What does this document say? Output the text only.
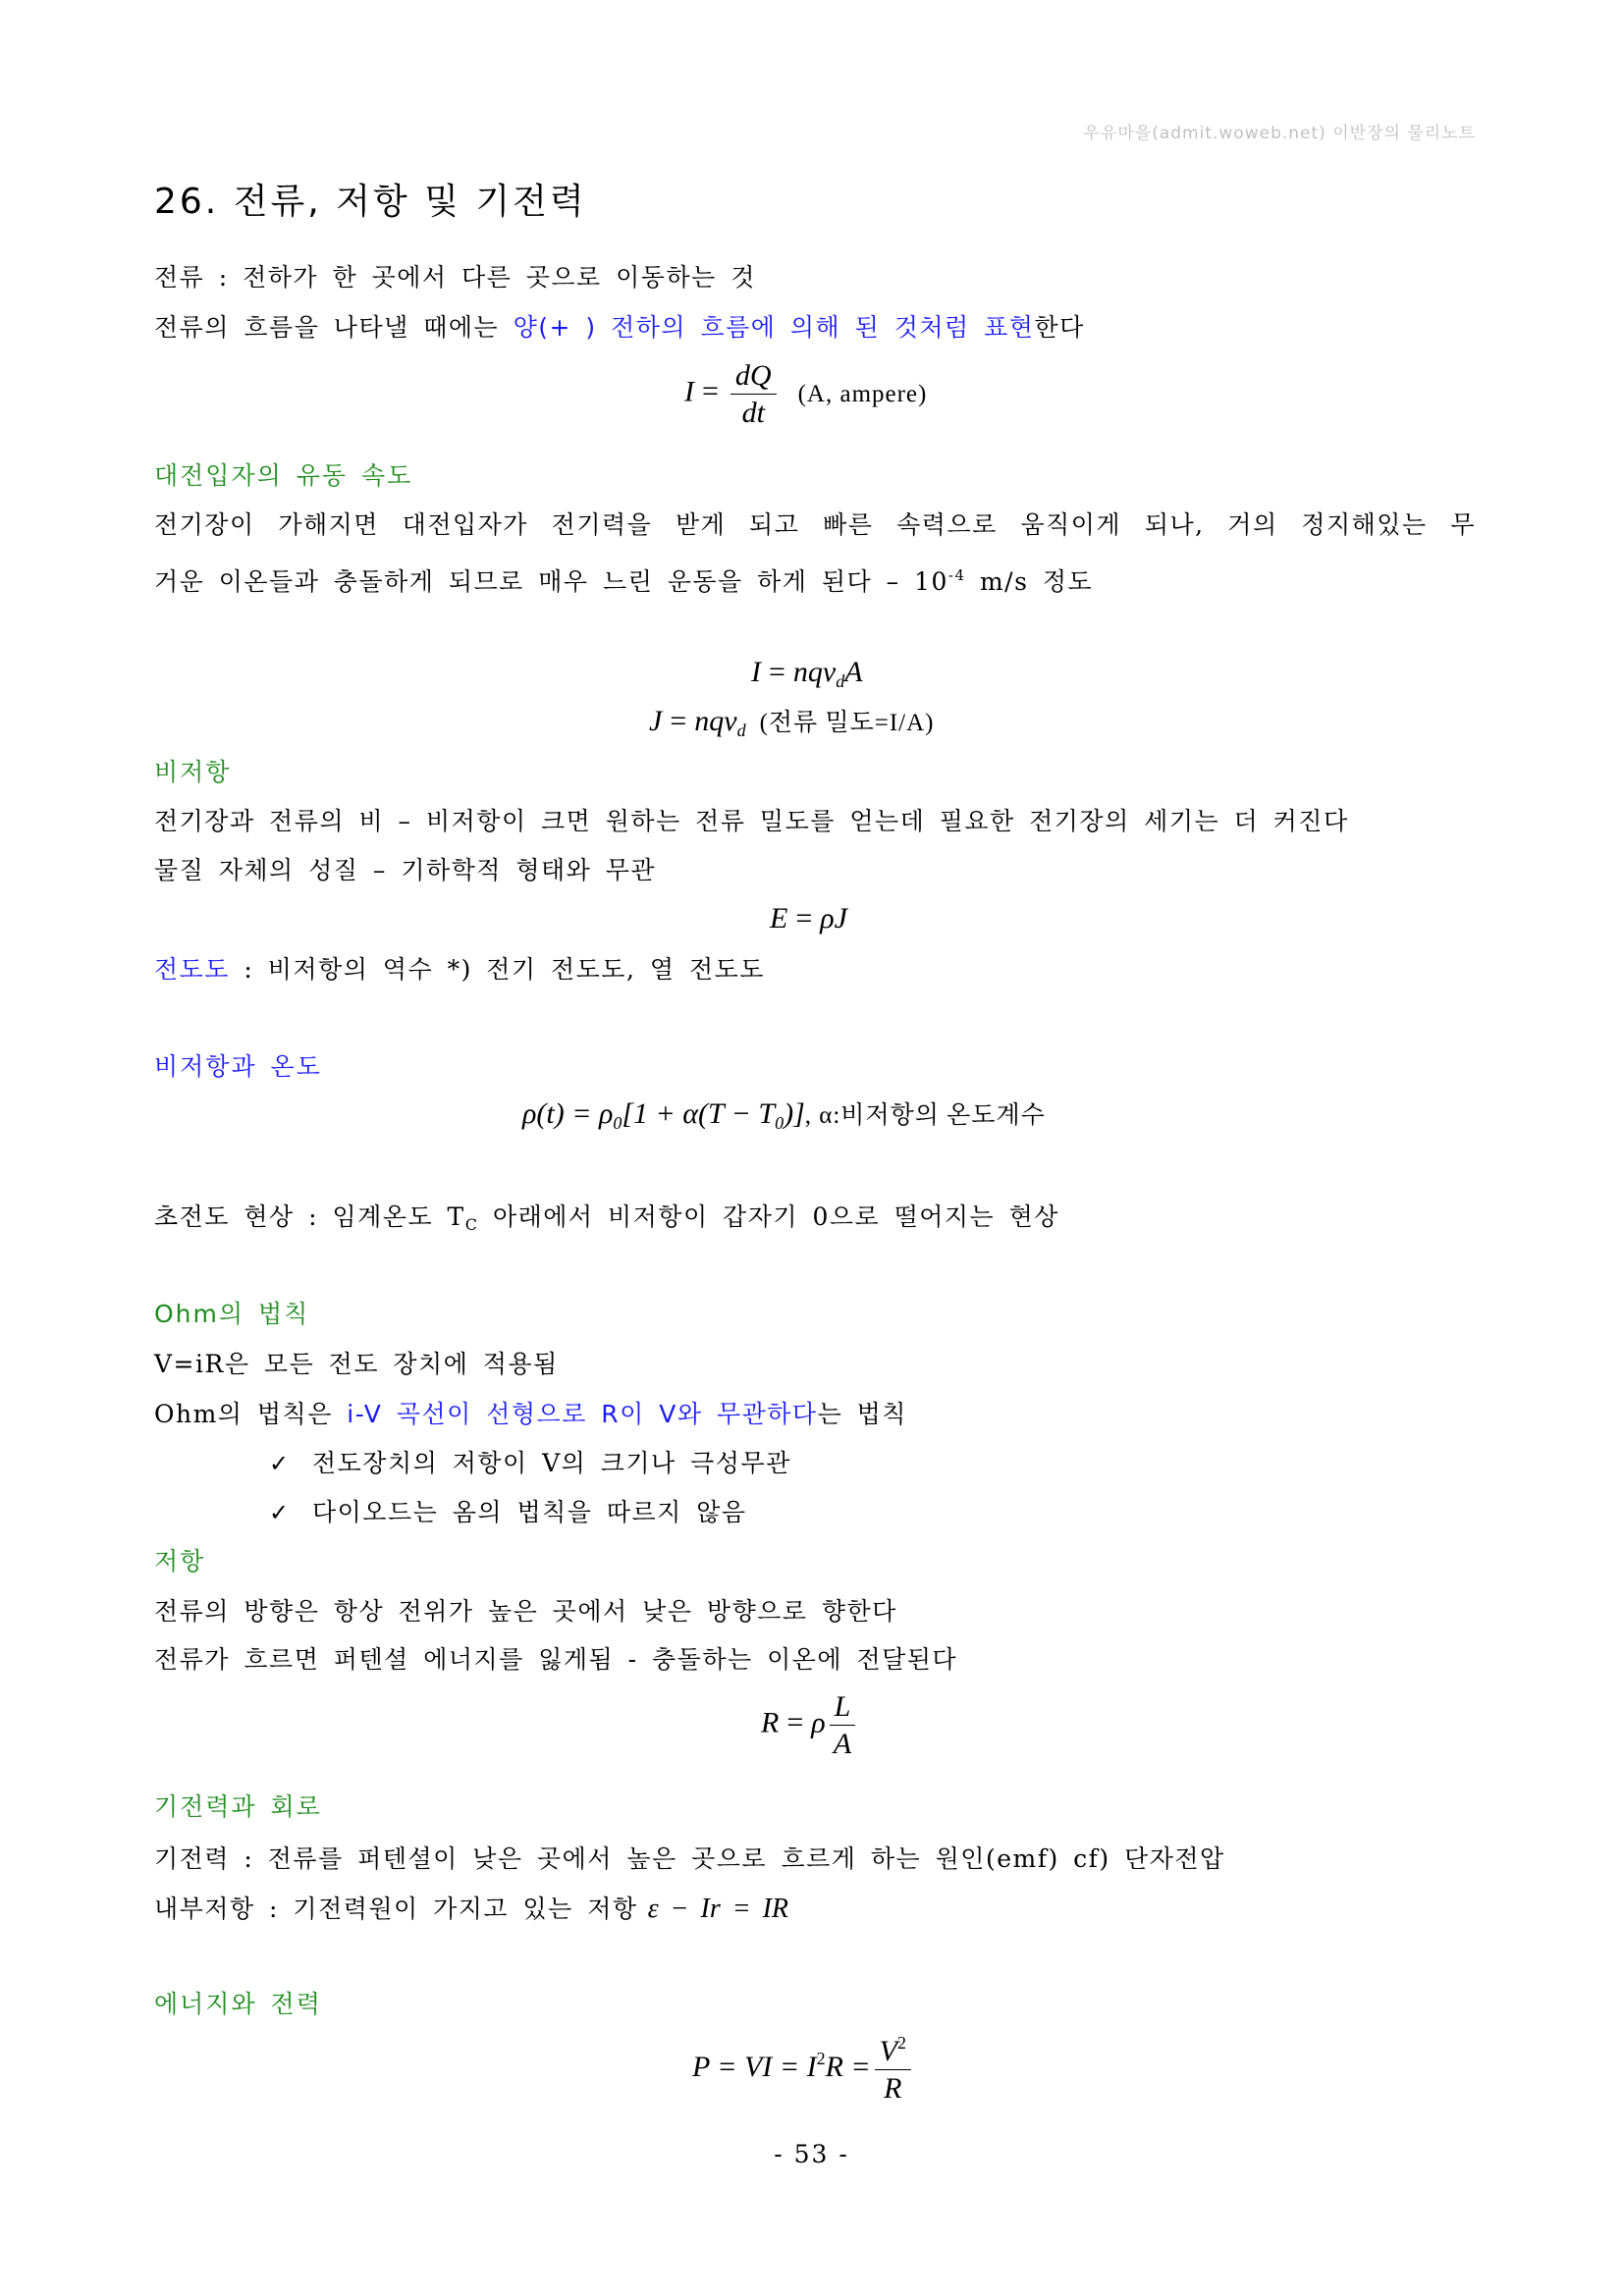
우유마을(admit.woweb.net) 이반장의 물리노트
26. 전류, 저항 및 기전력
전류 : 전하가 한 곳에서 다른 곳으로 이동하는 것
전류의 흐름을 나타낼 때에는 양(+ ) 전하의 흐름에 의해 된 것처럼 표현한다
$I = \frac{dQ}{dt} (A$, ampere)
대전입자의 유동 속도
전기장이 가해지면 대전입자가 전기력을 받게 되고 빠른 속력으로 움직이게 되나, 거의 정지해있는 무
거운 이온들과 충돌하게 되므로 매우 느린 운동을 하게 된다 – $10^{-4}$ m/s 정도
I = nqv$_d$A
J = nqv$_d$ (전류 밀도=I/A)
비저항
전기장과 전류의 비 – 비저항이 크면 원하는 전류 밀도를 얻는데 필요한 전기장의 세기는 더 커진다
물질 자체의 성질 – 기하학적 형태와 무관
E = ρJ
전도도 : 비저항의 역수 *) 전기 전도도, 열 전도도
비저항과 온도
$\rho(t) = \rho_0[1 + \alpha(T - T_0)]$, α:비저항의 온도계수
초전도 현상 : 임계온도 $T_C$ 아래에서 비저항이 갑자기 0으로 떨어지는 현상
Ohm의 법칙
V=iR은 모든 전도 장치에 적용됨
Ohm의 법칙은 i-V 곡선이 선형으로 R이 V와 무관하다는 법칙
✓전도장치의 저항이 V의 크기나 극성무관
✓다이오드는 옴의 법칙을 따르지 않음
저항
전류의 방향은 항상 전위가 높은 곳에서 낮은 방향으로 향한다
전류가 흐르면 퍼텐셜 에너지를 잃게됨 - 충돌하는 이온에 전달된다
R = ρ $\frac{L}{A}$
기전력과 회로
기전력 : 전류를 퍼텐셜이 낮은 곳에서 높은 곳으로 흐르게 하는 원인(emf) cf) 단자전압
내부저항 : 기전력원이 가지고 있는 저항 ε − Ir = IR
에너지와 전력
P = VI = $I^2R = \frac{V^2}{R}$
- 53 -
